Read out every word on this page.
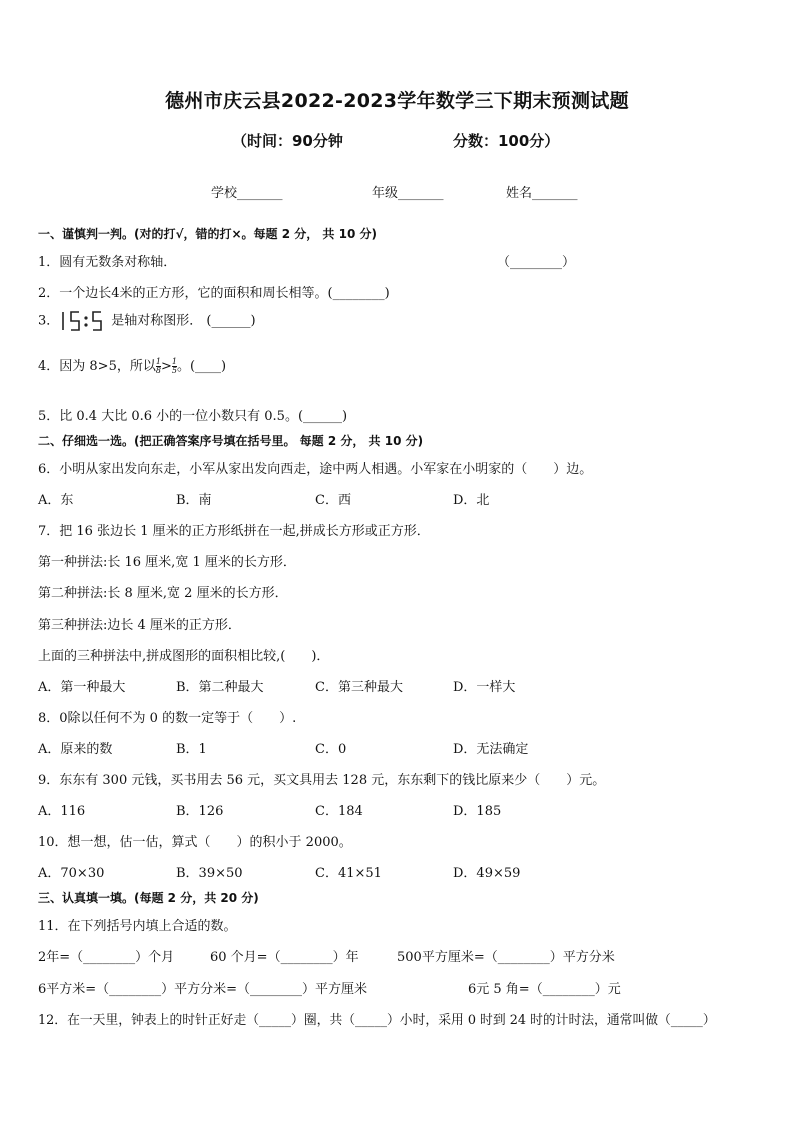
德州市庆云县2022-2023学年数学三下期末预测试题
（时间：90分钟	分数：100分）
学校_______	年级_______	姓名_______
一、谨慎判一判。(对的打√，错的打×。每题 2 分， 共 10 分)
1．圆有无数条对称轴．	（________）
2．一个边长4米的正方形，它的面积和周长相等。(________)
3．	是轴对称图形． (______)
4．因为 8>5，所以 $\frac{1}{8} > \frac{1}{5}$ 。(____)
5．比 0.4 大比 0.6 小的一位小数只有 0.5。(______)
二、仔细选一选。(把正确答案序号填在括号里。 每题 2 分， 共 10 分)
6．小明从家出发向东走，小军从家出发向西走，途中两人相遇。小军家在小明家的（　　）边。
A．东	B．南	C．西	D．北
7．把 16 张边长 1 厘米的正方形纸拼在一起,拼成长方形或正方形．
第一种拼法:长 16 厘米,宽 1 厘米的长方形．
第二种拼法:长 8 厘米,宽 2 厘米的长方形．
第三种拼法:边长 4 厘米的正方形．
上面的三种拼法中,拼成图形的面积相比较,(　　)．
A．第一种最大	B．第二种最大	C．第三种最大	D．一样大
8．0除以任何不为 0 的数一定等于（　　）.
A．原来的数	B．1	C．0	D．无法确定
9．东东有 300 元钱，买书用去 56 元，买文具用去 128 元，东东剩下的钱比原来少（　　）元。
A．116	B．126	C．184	D．185
10．想一想，估一估，算式（　　）的积小于 2000。
A．70×30	B．39×50	C．41×51	D．49×59
三、认真填一填。(每题 2 分，共 20 分)
11．在下列括号内填上合适的数。
2年=（________）个月	60 个月=（________）年	500平方厘米=（________）平方分米
6平方米=（________）平方分米=（________）平方厘米	6元 5 角=（________）元
12．在一天里，钟表上的时针正好走（_____）圈，共（_____）小时，采用 0 时到 24 时的计时法，通常叫做（_____）
